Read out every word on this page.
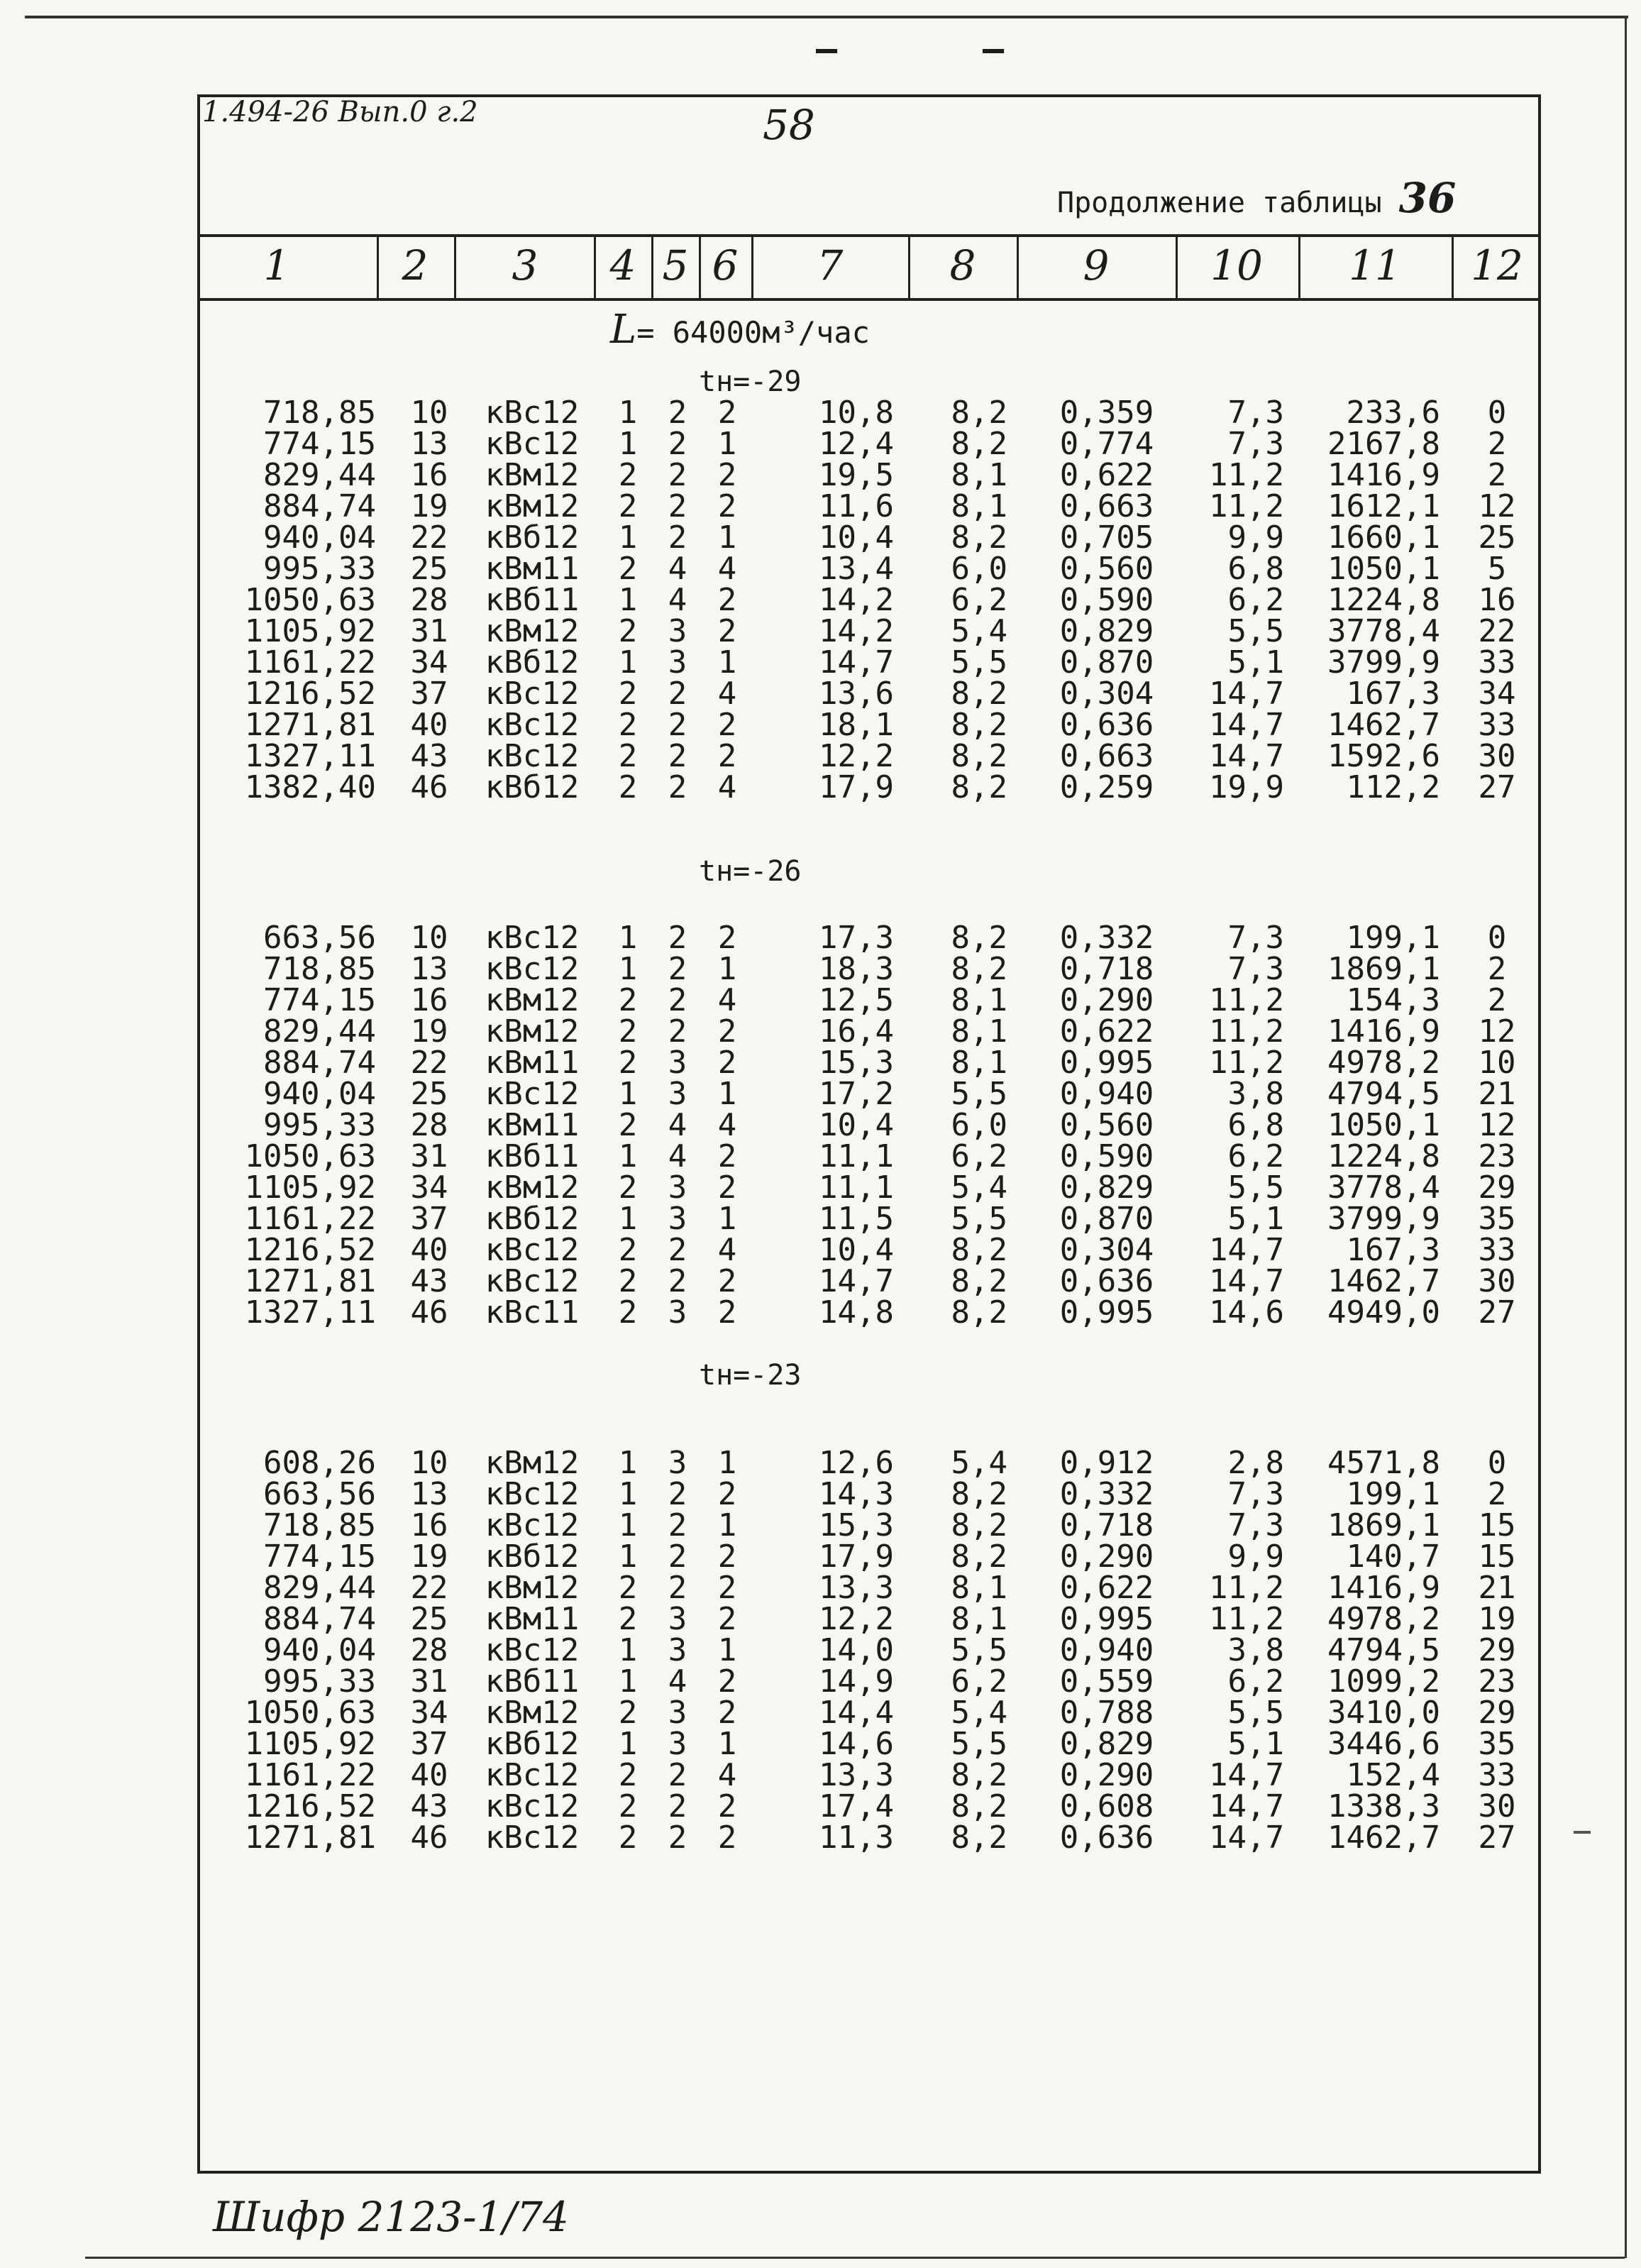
—	—
1.494-26 Вып.0 г.2	58
Продолжение таблицы 36
1	2	3	4 5 6	7	8	9	10 11 12
L= 64000м³/час
tн=-29
718,85	10	кВс12	1 2 2	10,8	8,2	0,359	7,3	233,6	0
774,15	13	кВс12	1 2 1	12,4	8,2	0,774	7,3	2167,8	2
829,44	16	кВм12	2 2 2	19,5	8,1	0,622	11,2	1416,9	2
884,74	19	кВм12	2 2 2	11,6	8,1	0,663	11,2	1612,1	12
940,04	22	кВб12	1 2 1	10,4	8,2	0,705	9,9	1660,1	25
995,33	25	кВм11	2 4 4	13,4	6,0	0,560	6,8	1050,1	5
1050,63	28	кВб11	1 4 2	14,2	6,2	0,590	6,2	1224,8	16
1105,92	31	кВм12	2 3 2	14,2	5,4	0,829	5,5	3778,4	22
1161,22	34	кВб12	1 3 1	14,7	5,5	0,870	5,1	3799,9	33
1216,52	37	кВс12	2 2 4	13,6	8,2	0,304	14,7	167,3	34
1271,81	40	кВс12	2 2 2	18,1	8,2	0,636	14,7	1462,7	33
1327,11	43	кВс12	2 2 2	12,2	8,2	0,663	14,7	1592,6	30
1382,40	46	кВб12	2 2 4	17,9	8,2	0,259	19,9	112,2	27
tн=-26
663,56	10	кВс12	1 2 2	17,3	8,2	0,332	7,3	199,1	0
718,85	13	кВс12	1 2 1	18,3	8,2	0,718	7,3	1869,1	2
774,15	16	кВм12	2 2 4	12,5	8,1	0,290	11,2	154,3	2
829,44	19	кВм12	2 2 2	16,4	8,1	0,622	11,2	1416,9	12
884,74	22	кВм11	2 3 2	15,3	8,1	0,995	11,2	4978,2	10
940,04	25	кВс12	1 3 1	17,2	5,5	0,940	3,8	4794,5	21
995,33	28	кВм11	2 4 4	10,4	6,0	0,560	6,8	1050,1	12
1050,63	31	кВб11	1 4 2	11,1	6,2	0,590	6,2	1224,8	23
1105,92	34	кВм12	2 3 2	11,1	5,4	0,829	5,5	3778,4	29
1161,22	37	кВб12	1 3 1	11,5	5,5	0,870	5,1	3799,9	35
1216,52	40	кВс12	2 2 4	10,4	8,2	0,304	14,7	167,3	33
1271,81	43	кВс12	2 2 2	14,7	8,2	0,636	14,7	1462,7	30
1327,11	46	кВс11	2 3 2	14,8	8,2	0,995	14,6	4949,0	27
tн=-23
608,26	10	кВм12	1 3 1	12,6	5,4	0,912	2,8	4571,8	0
663,56	13	кВс12	1 2 2	14,3	8,2	0,332	7,3	199,1	2
718,85	16	кВс12	1 2 1	15,3	8,2	0,718	7,3	1869,1	15
774,15	19	кВб12	1 2 2	17,9	8,2	0,290	9,9	140,7	15
829,44	22	кВм12	2 2 2	13,3	8,1	0,622	11,2	1416,9	21
884,74	25	кВм11	2 3 2	12,2	8,1	0,995	11,2	4978,2	19
940,04	28	кВс12	1 3 1	14,0	5,5	0,940	3,8	4794,5	29
995,33	31	кВб11	1 4 2	14,9	6,2	0,559	6,2	1099,2	23
1050,63	34	кВм12	2 3 2	14,4	5,4	0,788	5,5	3410,0	29
1105,92	37	кВб12	1 3 1	14,6	5,5	0,829	5,1	3446,6	35
1161,22	40	кВс12	2 2 4	13,3	8,2	0,290	14,7	152,4	33
1216,52	43	кВс12	2 2 2	17,4	8,2	0,608	14,7	1338,3	30
1271,81	46	кВс12	2 2 2	11,3	8,2	0,636	14,7	1462,7	27
Шифр 2123-1/74
